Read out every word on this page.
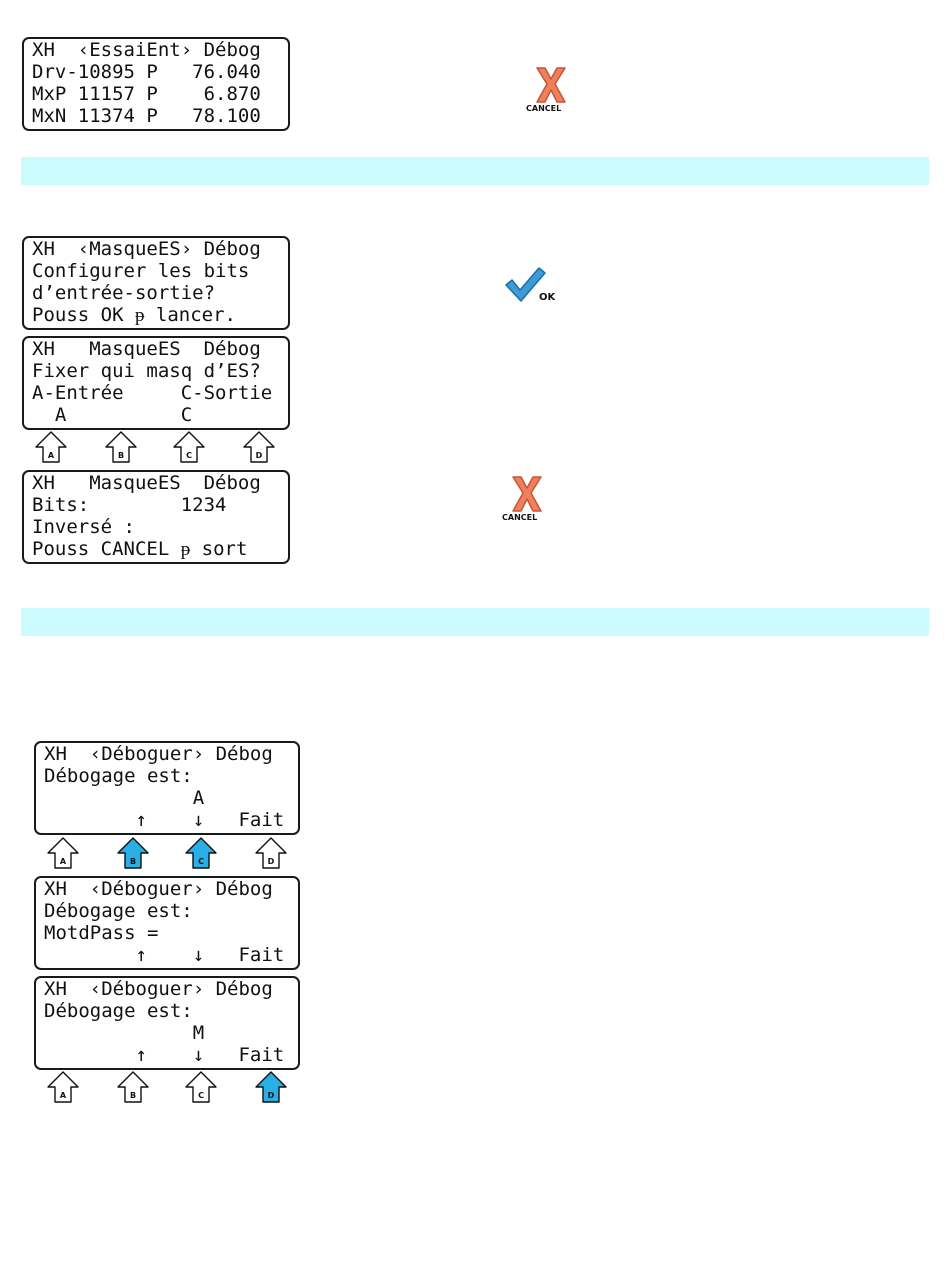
ΧH  ‹EssaiEnt› Débog
Drv-10895 P   76.040
MxP 11157 P    6.870
MxN 11374 P   78.100	CANCEL
ΧH  ‹MasqueES› Débog
Configurer les bits
d’entrée-sortie?
Pouss OK ᵽ lancer.
OK
ΧH   MasqueES  Débog
Fixer qui masq d’ES?
A-Entrée     C-Sortie
A          C
A	B	C	D
ΧH   MasqueES  Débog
Bits:        1234
Inversé :
Pouss CANCEL ᵽ sort
CANCEL
ΧH  ‹Déboguer› Débog
Débogage est:
A
↑    ↓   Fait
A	B	C	D
ΧH  ‹Déboguer› Débog
Débogage est:
MotdPass =
↑    ↓   Fait
ΧH  ‹Déboguer› Débog
Débogage est:
M
↑    ↓   Fait
A	B	C	D
